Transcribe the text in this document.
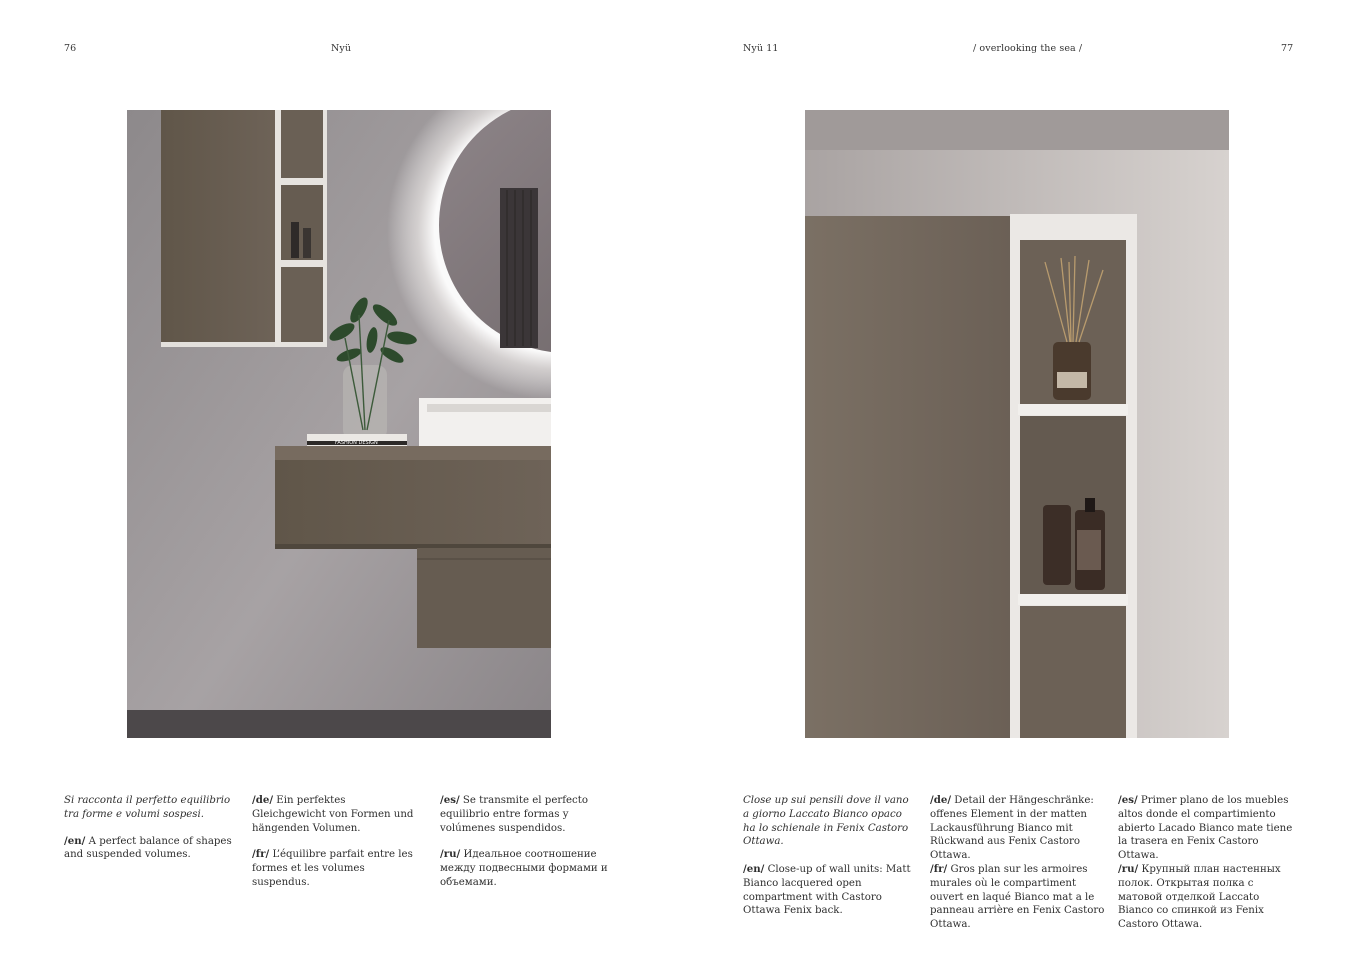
76	Nyü	Nyü 11	/ overlooking the sea /	77
FASHION DESIGN

Si racconta il perfetto equilibrio tra forme e volumi sospesi.

/en/ A perfect balance of shapes and suspended volumes.

/de/ Ein perfektes Gleichgewicht von Formen und hängenden Volumen.

/fr/ L’équilibre parfait entre les formes et les volumes suspendus.

/es/ Se transmite el perfecto equilibrio entre formas y volúmenes suspendidos.

/ru/ Идеальное соотношение между подвесными формами и объемами.

Close up sui pensili dove il vano a giorno Laccato Bianco opaco ha lo schienale in Fenix Castoro Ottawa.

/en/ Close-up of wall units: Matt Bianco lacquered open compartment with Castoro Ottawa Fenix back.

/de/ Detail der Hängeschränke: offenes Element in der matten Lackausführung Bianco mit Rückwand aus Fenix Castoro Ottawa.

/fr/ Gros plan sur les armoires murales où le compartiment ouvert en laqué Bianco mat a le panneau arrière en Fenix Castoro Ottawa.

/es/ Primer plano de los muebles altos donde el compartimiento abierto Lacado Bianco mate tiene la trasera en Fenix Castoro Ottawa.

/ru/ Крупный план настенных полок. Открытая полка с матовой отделкой Laccato Bianco со спинкой из Fenix Castoro Ottawa.
